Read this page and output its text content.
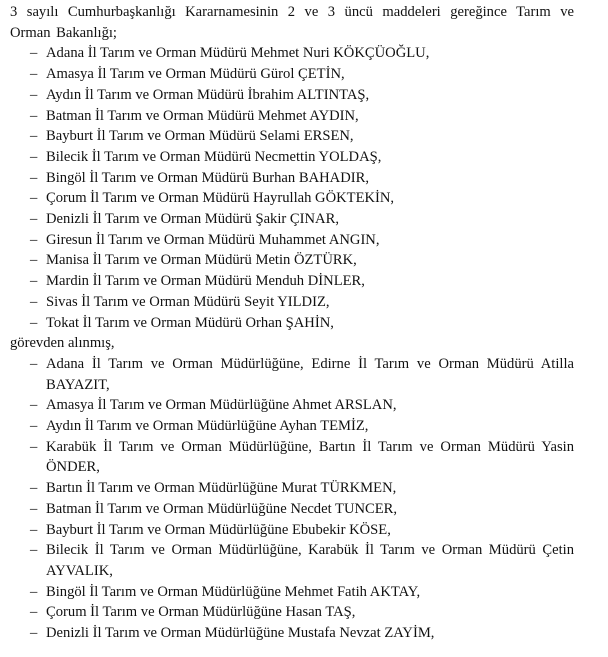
3 sayılı Cumhurbaşkanlığı Kararnamesinin 2 ve 3 üncü maddeleri gereğince Tarım ve Orman Bakanlığı;

– Adana İl Tarım ve Orman Müdürü Mehmet Nuri KÖKÇÜOĞLU,
– Amasya İl Tarım ve Orman Müdürü Gürol ÇETİN,
– Aydın İl Tarım ve Orman Müdürü İbrahim ALTINTAŞ,
– Batman İl Tarım ve Orman Müdürü Mehmet AYDIN,
– Bayburt İl Tarım ve Orman Müdürü Selami ERSEN,
– Bilecik İl Tarım ve Orman Müdürü Necmettin YOLDAŞ,
– Bingöl İl Tarım ve Orman Müdürü Burhan BAHADIR,
– Çorum İl Tarım ve Orman Müdürü Hayrullah GÖKTEKİN,
– Denizli İl Tarım ve Orman Müdürü Şakir ÇINAR,
– Giresun İl Tarım ve Orman Müdürü Muhammet ANGIN,
– Manisa İl Tarım ve Orman Müdürü Metin ÖZTÜRK,
– Mardin İl Tarım ve Orman Müdürü Menduh DİNLER,
– Sivas İl Tarım ve Orman Müdürü Seyit YILDIZ,
– Tokat İl Tarım ve Orman Müdürü Orhan ŞAHİN,

görevden alınmış,

– Adana İl Tarım ve Orman Müdürlüğüne, Edirne İl Tarım ve Orman Müdürü Atilla
BAYAZIT,
– Amasya İl Tarım ve Orman Müdürlüğüne Ahmet ARSLAN,
– Aydın İl Tarım ve Orman Müdürlüğüne Ayhan TEMİZ,
– Karabük İl Tarım ve Orman Müdürlüğüne, Bartın İl Tarım ve Orman Müdürü Yasin
ÖNDER,
– Bartın İl Tarım ve Orman Müdürlüğüne Murat TÜRKMEN,
– Batman İl Tarım ve Orman Müdürlüğüne Necdet TUNCER,
– Bayburt İl Tarım ve Orman Müdürlüğüne Ebubekir KÖSE,
– Bilecik İl Tarım ve Orman Müdürlüğüne, Karabük İl Tarım ve Orman Müdürü Çetin
AYVALIK,
– Bingöl İl Tarım ve Orman Müdürlüğüne Mehmet Fatih AKTAY,
– Çorum İl Tarım ve Orman Müdürlüğüne Hasan TAŞ,
– Denizli İl Tarım ve Orman Müdürlüğüne Mustafa Nevzat ZAYİM,
